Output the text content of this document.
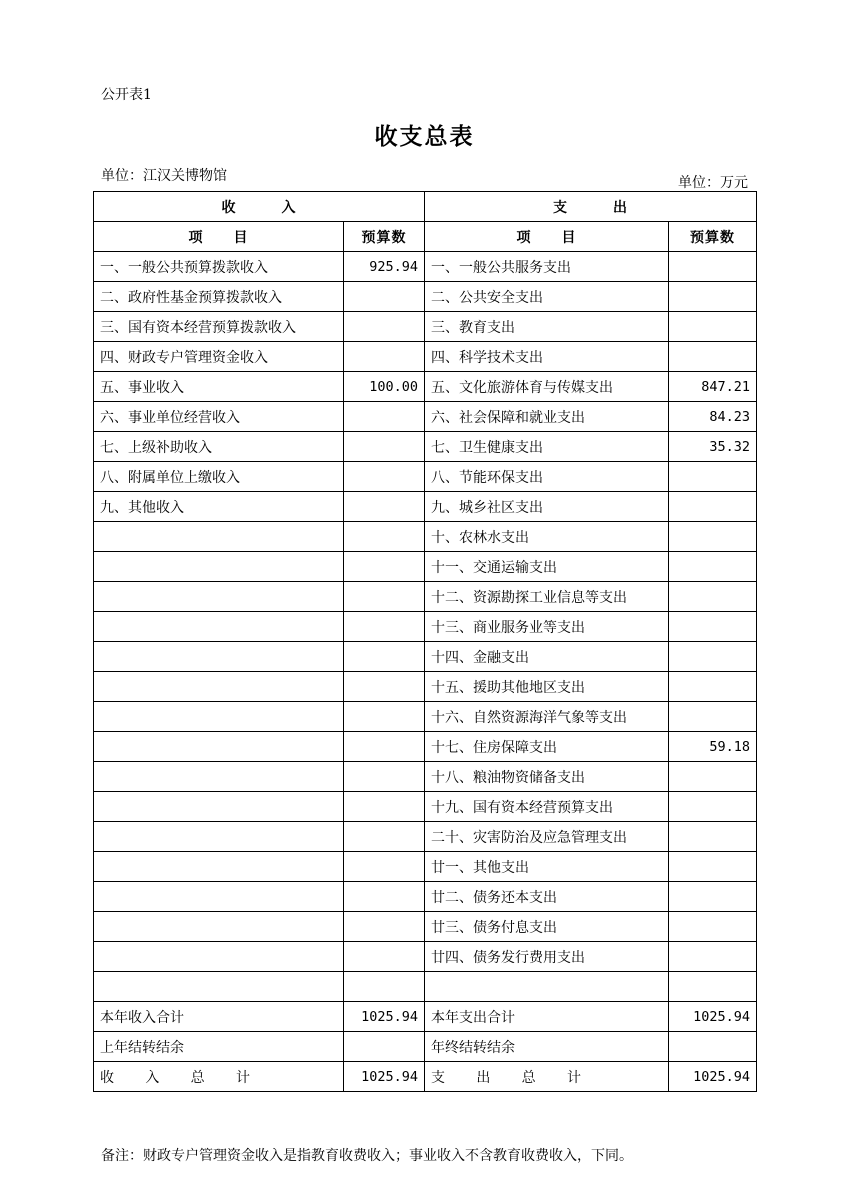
公开表1
收支总表
单位：江汉关博物馆	单位：万元
收　　　入		支　　　出	
项　　目	预算数	项　　目	预算数
一、一般公共预算拨款收入	925.94	一、一般公共服务支出	
二、政府性基金预算拨款收入		二、公共安全支出	
三、国有资本经营预算拨款收入		三、教育支出	
四、财政专户管理资金收入		四、科学技术支出	
五、事业收入	100.00	五、文化旅游体育与传媒支出	847.21
六、事业单位经营收入		六、社会保障和就业支出	84.23
七、上级补助收入		七、卫生健康支出	35.32
八、附属单位上缴收入		八、节能环保支出	
九、其他收入		九、城乡社区支出	
		十、农林水支出	
		十一、交通运输支出	
		十二、资源勘探工业信息等支出	
		十三、商业服务业等支出	
		十四、金融支出	
		十五、援助其他地区支出	
		十六、自然资源海洋气象等支出	
		十七、住房保障支出	59.18
		十八、粮油物资储备支出	
		十九、国有资本经营预算支出	
		二十、灾害防治及应急管理支出	
		廿一、其他支出	
		廿二、债务还本支出	
		廿三、债务付息支出	
		廿四、债务发行费用支出	

本年收入合计	1025.94	本年支出合计	1025.94
上年结转结余		年终结转结余	

收 入 总 计	1025.94	支 出 总 计	1025.94
备注：财政专户管理资金收入是指教育收费收入；事业收入不含教育收费收入，下同。
